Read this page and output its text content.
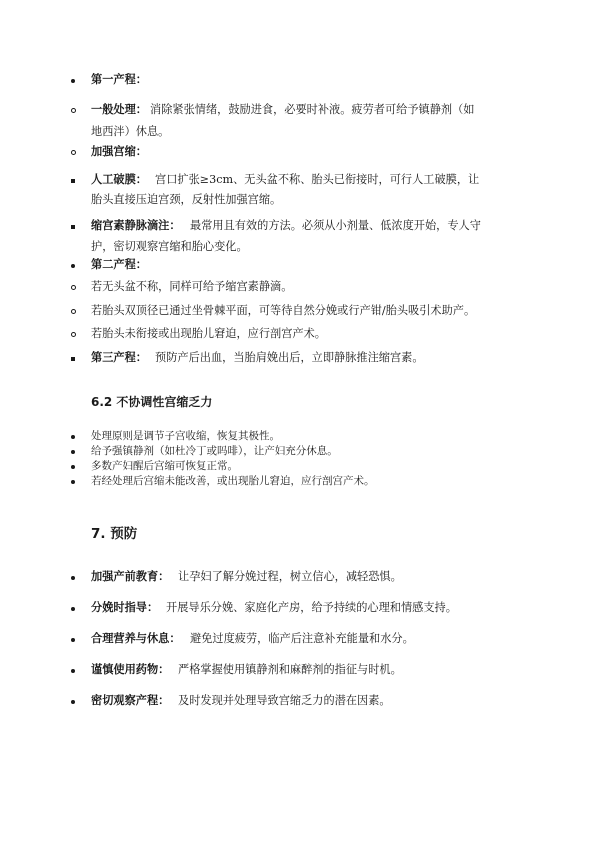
第一产程：
一般处理： 消除紧张情绪，鼓励进食，必要时补液。疲劳者可给予镇静剂（如
地西泮）休息。
加强宫缩：
人工破膜： 宫口扩张≥3cm、无头盆不称、胎头已衔接时，可行人工破膜，让
胎头直接压迫宫颈，反射性加强宫缩。
缩宫素静脉滴注： 最常用且有效的方法。必须从小剂量、低浓度开始，专人守
护，密切观察宫缩和胎心变化。
第二产程：
若无头盆不称，同样可给予缩宫素静滴。
若胎头双顶径已通过坐骨棘平面，可等待自然分娩或行产钳/胎头吸引术助产。
若胎头未衔接或出现胎儿窘迫，应行剖宫产术。
第三产程： 预防产后出血，当胎肩娩出后，立即静脉推注缩宫素。
6.2 不协调性宫缩乏力
处理原则是调节子宫收缩，恢复其极性。
给予强镇静剂（如杜冷丁或吗啡），让产妇充分休息。
多数产妇醒后宫缩可恢复正常。
若经处理后宫缩未能改善，或出现胎儿窘迫，应行剖宫产术。
7. 预防
加强产前教育： 让孕妇了解分娩过程，树立信心，减轻恐惧。
分娩时指导： 开展导乐分娩、家庭化产房，给予持续的心理和情感支持。
合理营养与休息： 避免过度疲劳，临产后注意补充能量和水分。
谨慎使用药物： 严格掌握使用镇静剂和麻醉剂的指征与时机。
密切观察产程： 及时发现并处理导致宫缩乏力的潜在因素。
